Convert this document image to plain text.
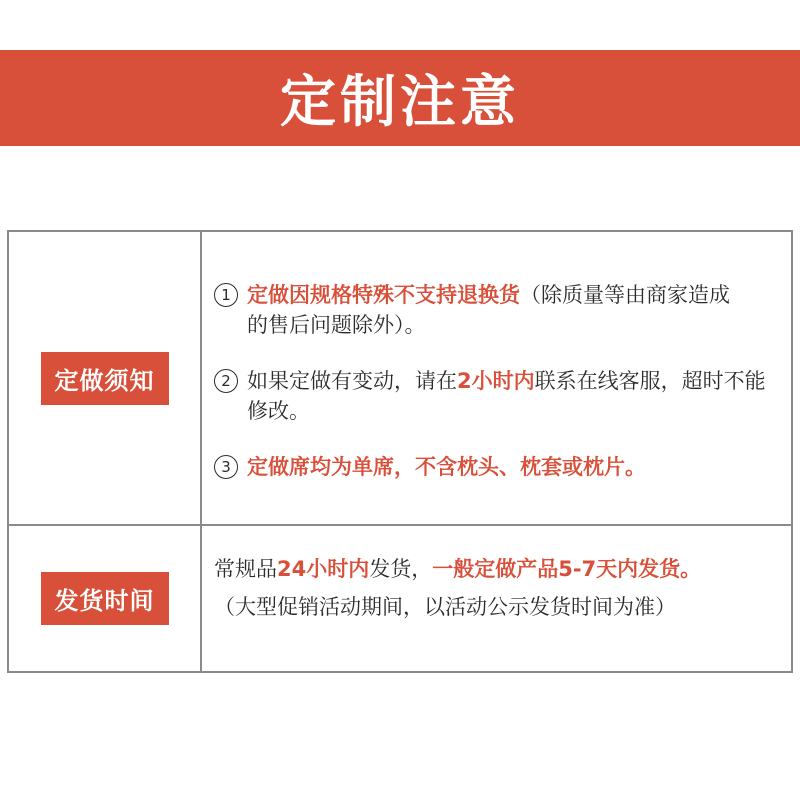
定制注意
定做须知
1 定做因规格特殊不支持退换货（除质量等由商家造成
的售后问题除外）。
2 如果定做有变动，请在2小时内联系在线客服，超时不能
修改。
3 定做席均为单席，不含枕头、枕套或枕片。
发货时间
常规品24小时内发货，一般定做产品5-7天内发货。
（大型促销活动期间，以活动公示发货时间为准）
